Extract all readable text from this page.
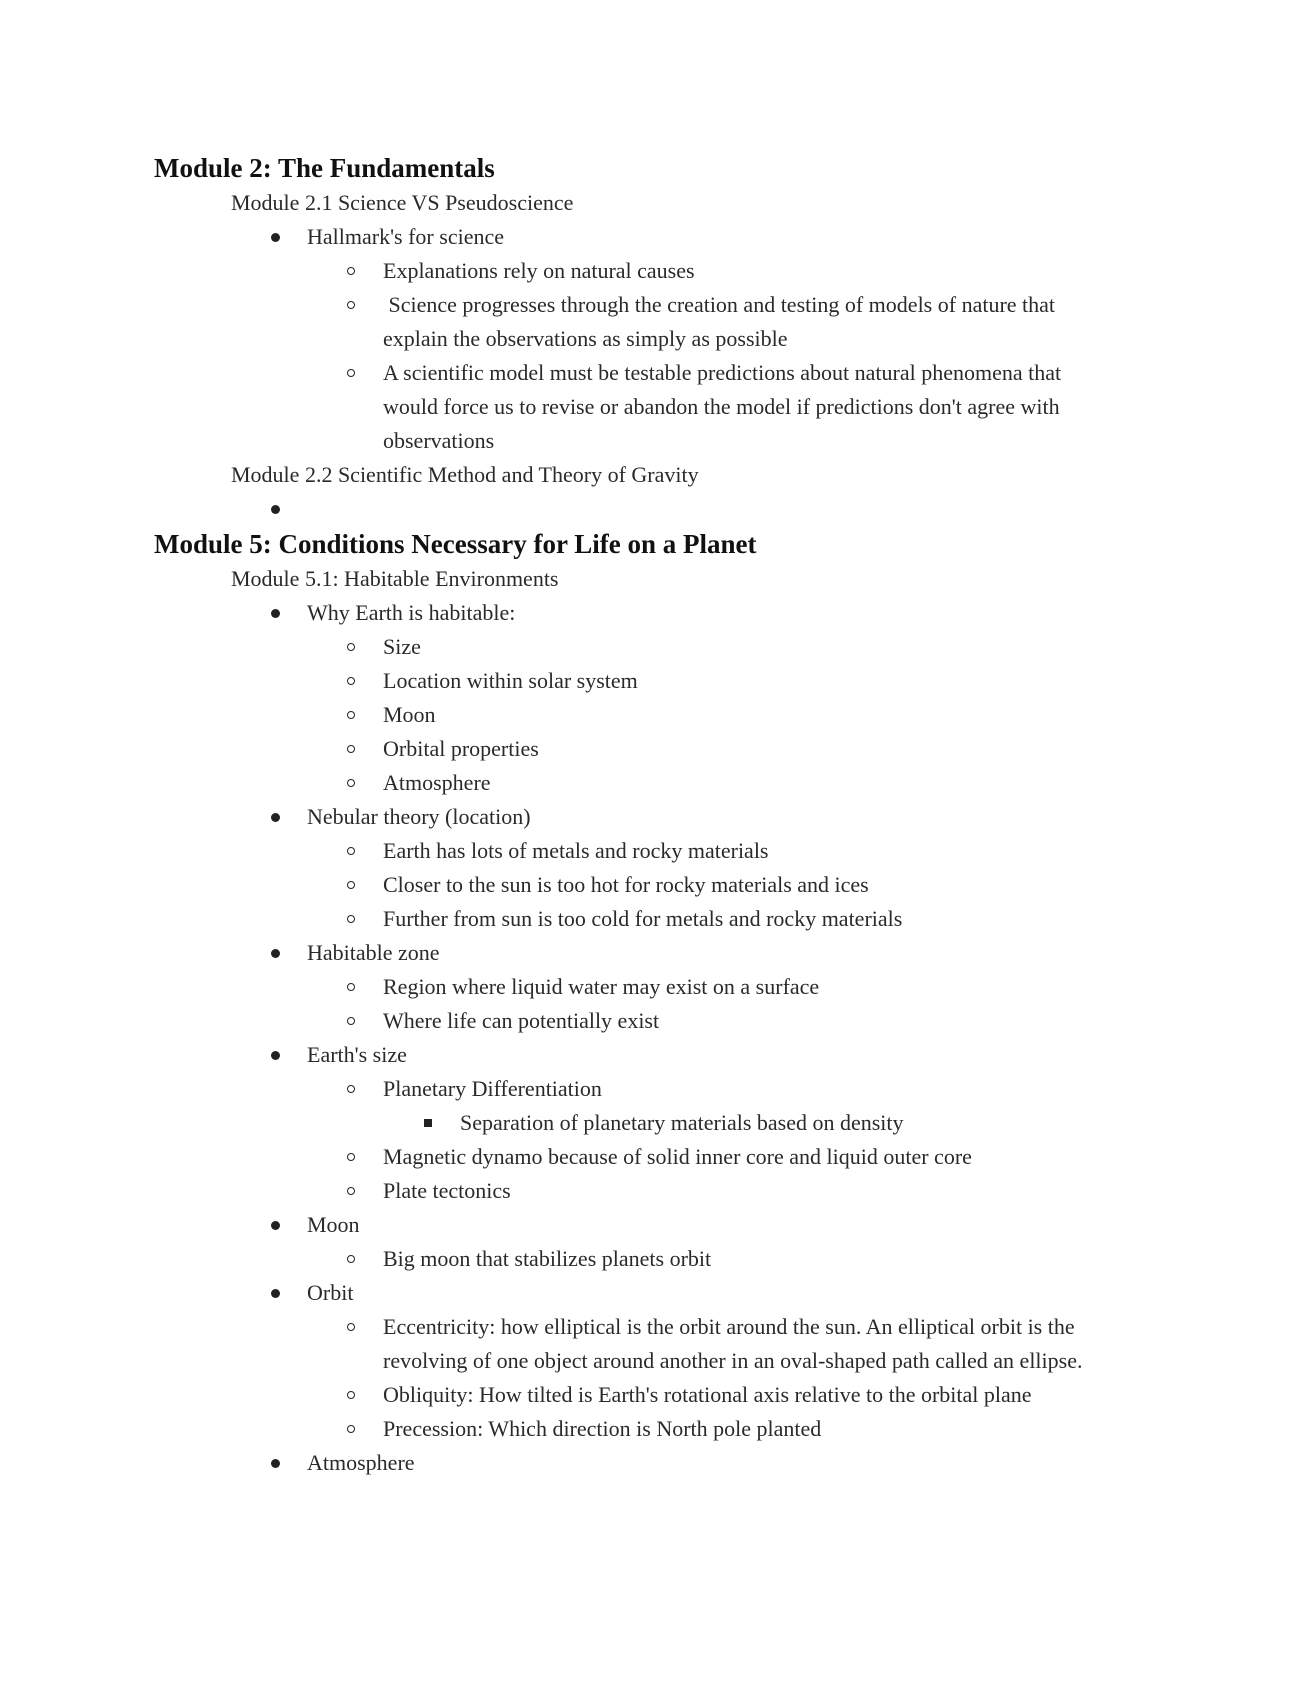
Module 2: The Fundamentals
Module 2.1 Science VS Pseudoscience
Hallmark's for science
Explanations rely on natural causes
Science progresses through the creation and testing of models of nature that explain the observations as simply as possible
A scientific model must be testable predictions about natural phenomena that would force us to revise or abandon the model if predictions don't agree with observations
Module 2.2 Scientific Method and Theory of Gravity
Module 5: Conditions Necessary for Life on a Planet
Module 5.1: Habitable Environments
Why Earth is habitable:
Size
Location within solar system
Moon
Orbital properties
Atmosphere
Nebular theory (location)
Earth has lots of metals and rocky materials
Closer to the sun is too hot for rocky materials and ices
Further from sun is too cold for metals and rocky materials
Habitable zone
Region where liquid water may exist on a surface
Where life can potentially exist
Earth's size
Planetary Differentiation
Separation of planetary materials based on density
Magnetic dynamo because of solid inner core and liquid outer core
Plate tectonics
Moon
Big moon that stabilizes planets orbit
Orbit
Eccentricity: how elliptical is the orbit around the sun. An elliptical orbit is the revolving of one object around another in an oval-shaped path called an ellipse.
Obliquity: How tilted is Earth's rotational axis relative to the orbital plane
Precession: Which direction is North pole planted
Atmosphere
